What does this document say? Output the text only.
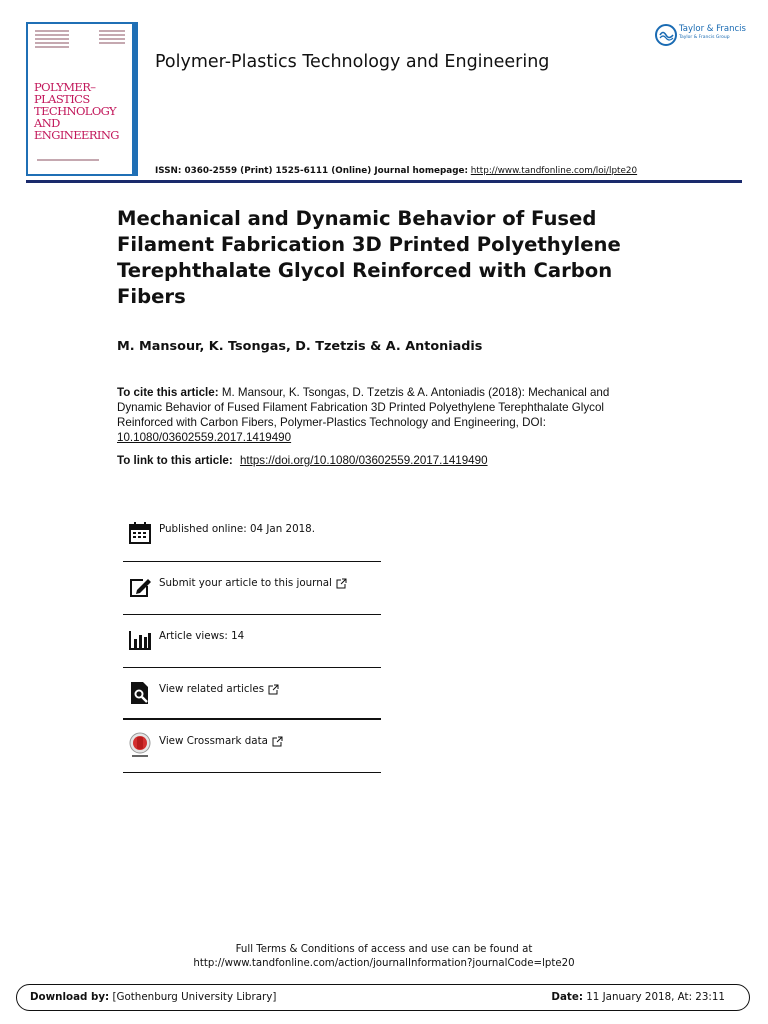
POLYMER–PLASTICS TECHNOLOGY AND ENGINEERING
Polymer-Plastics Technology and Engineering
Taylor & Francis
Taylor & Francis Group
ISSN: 0360-2559 (Print) 1525-6111 (Online) Journal homepage: http://www.tandfonline.com/loi/lpte20
Mechanical and Dynamic Behavior of Fused Filament Fabrication 3D Printed Polyethylene Terephthalate Glycol Reinforced with Carbon Fibers
M. Mansour, K. Tsongas, D. Tzetzis & A. Antoniadis
To cite this article: M. Mansour, K. Tsongas, D. Tzetzis & A. Antoniadis (2018): Mechanical and Dynamic Behavior of Fused Filament Fabrication 3D Printed Polyethylene Terephthalate Glycol Reinforced with Carbon Fibers, Polymer-Plastics Technology and Engineering, DOI: 10.1080/03602559.2017.1419490
To link to this article: https://doi.org/10.1080/03602559.2017.1419490
Published online: 04 Jan 2018.
Submit your article to this journal
Article views: 14
View related articles
View Crossmark data
Full Terms & Conditions of access and use can be found at
http://www.tandfonline.com/action/journalInformation?journalCode=lpte20
Download by: [Gothenburg University Library]	Date: 11 January 2018, At: 23:11
